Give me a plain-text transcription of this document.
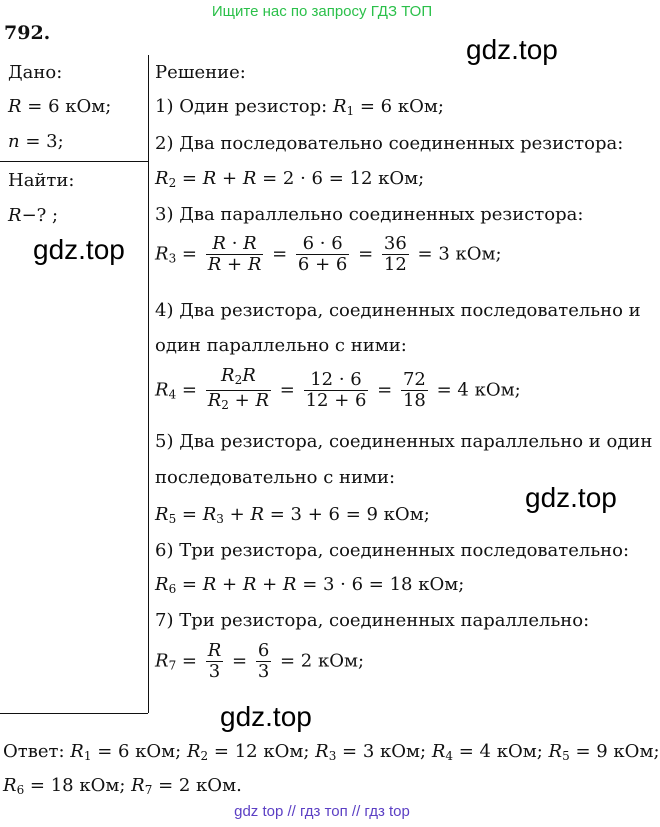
Ищите нас по запросу ГДЗ ТОП
792.
Дано:
R = 6 кОм;
n = 3;
Найти:
R−? ;
Решение:
1) Один резистор: $R_1 = 6$ кОм;
2) Два последовательно соединенных резистора:
$R_2 = R + R = 2 \cdot 6 = 12$ кОм;
3) Два параллельно соединенных резистора:
$R_3 = \frac{R \cdot R}{R + R} = \frac{6 \cdot 6}{6 + 6} = \frac{36}{12} = 3$ кОм;
4) Два резистора, соединенных последовательно и
один параллельно с ними:
$R_4 = \frac{R_2R}{R_2 + R} = \frac{12 \cdot 6}{12 + 6} = \frac{72}{18} = 4$ кОм;
5) Два резистора, соединенных параллельно и один
последовательно с ними:
$R_5 = R_3 + R = 3 + 6 = 9$ кОм;
6) Три резистора, соединенных последовательно:
$R_6 = R + R + R = 3 \cdot 6 = 18$ кОм;
7) Три резистора, соединенных параллельно:
$R_7 = \frac{R}{3} = \frac{6}{3} = 2$ кОм;
Ответ: $R_1 = 6$ кОм; $R_2 = 12$ кОм; $R_3 = 3$ кОм; $R_4 = 4$ кОм; $R_5 = 9$ кОм;
$R_6 = 18$ кОм; $R_7 = 2$ кОм.
gdz.top
gdz.top
gdz.top
gdz.top
gdz top // гдз топ // гдз top
